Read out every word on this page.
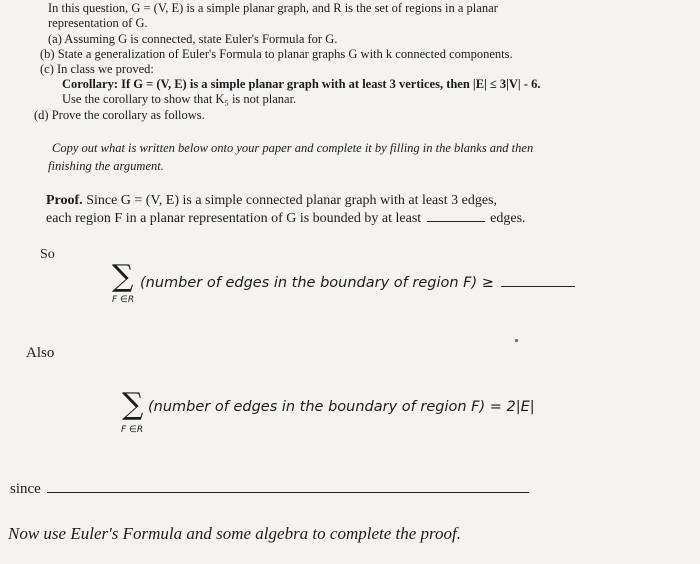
In this question, G = (V, E) is a simple planar graph, and R is the set of regions in a planar
representation of G.
(a) Assuming G is connected, state Euler's Formula for G.
(b) State a generalization of Euler's Formula to planar graphs G with k connected components.
(c) In class we proved:
Corollary: If G = (V, E) is a simple planar graph with at least 3 vertices, then |E| ≤ 3|V| - 6.
Use the corollary to show that K₅ is not planar.
(d) Prove the corollary as follows.
Copy out what is written below onto your paper and complete it by filling in the blanks and then
finishing the argument.
Proof. Since G = (V, E) is a simple connected planar graph with at least 3 edges,
each region F in a planar representation of G is bounded by at least	edges.
So
∑
F ∈R
(number of edges in the boundary of region F) ≥
Also
∑
F ∈R
(number of edges in the boundary of region F) = 2|E|
since
Now use Euler's Formula and some algebra to complete the proof.
